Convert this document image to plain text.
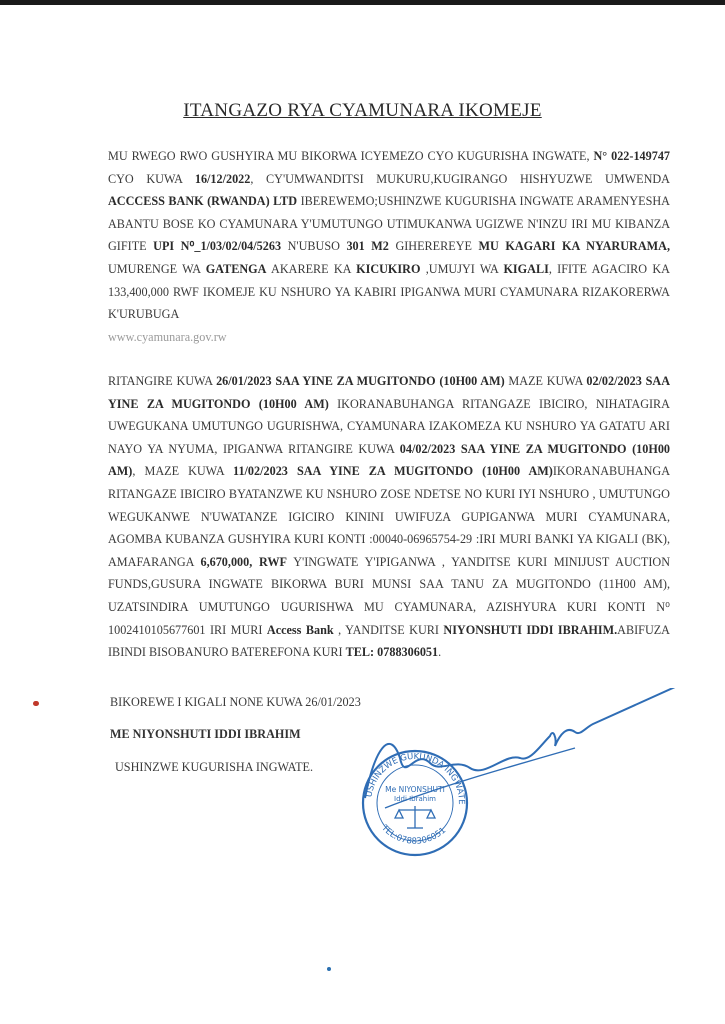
ITANGAZO RYA CYAMUNARA IKOMEJE
MU RWEGO RWO GUSHYIRA MU BIKORWA ICYEMEZO CYO KUGURISHA INGWATE, N° 022-149747 CYO KUWA 16/12/2022, CY'UMWANDITSI MUKURU,KUGIRANGO HISHYUZWE UMWENDA ACCCESS BANK (RWANDA) LTD IBEREWEMO;USHINZWE KUGURISHA INGWATE ARAMENYESHA ABANTU BOSE KO CYAMUNARA Y'UMUTUNGO UTIMUKANWA UGIZWE N'INZU IRI MU KIBANZA GIFITE UPI N⁰_1/03/02/04/5263 N'UBUSO 301 M2 GIHEREREYE MU KAGARI KA NYARURAMA, UMURENGE WA GATENGA AKARERE KA KICUKIRO ,UMUJYI WA KIGALI, IFITE AGACIRO KA 133,400,000 RWF IKOMEJE KU NSHURO YA KABIRI IPIGANWA MURI CYAMUNARA RIZAKORERWA K'URUBUGA
www.cyamunara.gov.rw
RITANGIRE KUWA 26/01/2023 SAA YINE ZA MUGITONDO (10H00 AM) MAZE KUWA 02/02/2023 SAA YINE ZA MUGITONDO (10H00 AM) IKORANABUHANGA RITANGAZE IBICIRO, NIHATAGIRA UWEGUKANA UMUTUNGO UGURISHWA, CYAMUNARA IZAKOMEZA KU NSHURO YA GATATU ARI NAYO YA NYUMA, IPIGANWA RITANGIRE KUWA 04/02/2023 SAA YINE ZA MUGITONDO (10H00 AM), MAZE KUWA 11/02/2023 SAA YINE ZA MUGITONDO (10H00 AM)IKORANABUHANGA RITANGAZE IBICIRO BYATANZWE KU NSHURO ZOSE NDETSE NO KURI IYI NSHURO , UMUTUNGO WEGUKANWE N'UWATANZE IGICIRO KININI UWIFUZA GUPIGANWA MURI CYAMUNARA, AGOMBA KUBANZA GUSHYIRA KURI KONTI :00040-06965754-29 :IRI MURI BANKI YA KIGALI (BK), AMAFARANGA 6,670,000, RWF Y'INGWATE Y'IPIGANWA , YANDITSE KURI MINIJUST AUCTION FUNDS,GUSURA INGWATE BIKORWA BURI MUNSI SAA TANU ZA MUGITONDO (11H00 AM), UZATSINDIRA UMUTUNGO UGURISHWA MU CYAMUNARA, AZISHYURA KURI KONTI N⁰ 1002410105677601 IRI MURI Access Bank , YANDITSE KURI NIYONSHUTI IDDI IBRAHIM.ABIFUZA IBINDI BISOBANURO BATEREFONA KURI TEL: 0788306051.
BIKOREWE I KIGALI NONE KUWA 26/01/2023
ME NIYONSHUTI IDDI IBRAHIM
USHINZWE KUGURISHA INGWATE.
USHINZWE GUKUNDA INGWATE
TEL:0788306051
Me NIYONSHUTI
Iddi Ibrahim
